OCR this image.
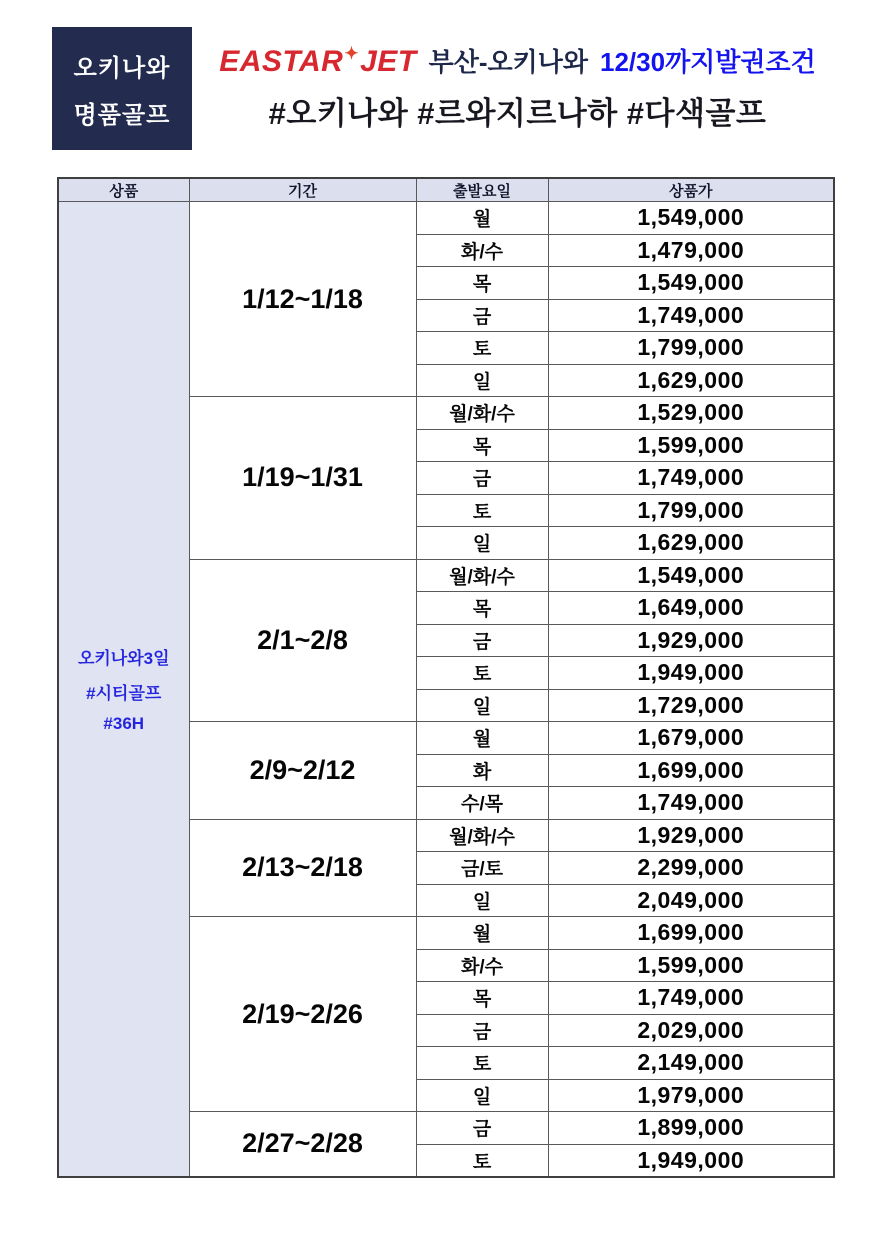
오키나와
명품골프
EASTAR✦JET 부산-오키나와 12/30까지발권조건
#오키나와 #르와지르나하 #다색골프
상품	기간	출발요일	상품가

오키나와3일
#시티골프
#36H	1/12~1/18	월	1,549,000
		화/수	1,479,000
		목	1,549,000
		금	1,749,000
		토	1,799,000
		일	1,629,000
	1/19~1/31	월/화/수	1,529,000
		목	1,599,000
		금	1,749,000
		토	1,799,000
		일	1,629,000
	2/1~2/8	월/화/수	1,549,000
		목	1,649,000
		금	1,929,000
		토	1,949,000
		일	1,729,000
	2/9~2/12	월	1,679,000
		화	1,699,000
		수/목	1,749,000
	2/13~2/18	월/화/수	1,929,000
		금/토	2,299,000
		일	2,049,000
	2/19~2/26	월	1,699,000
		화/수	1,599,000
		목	1,749,000
		금	2,029,000
		토	2,149,000
		일	1,979,000
	2/27~2/28	금	1,899,000
		토	1,949,000
